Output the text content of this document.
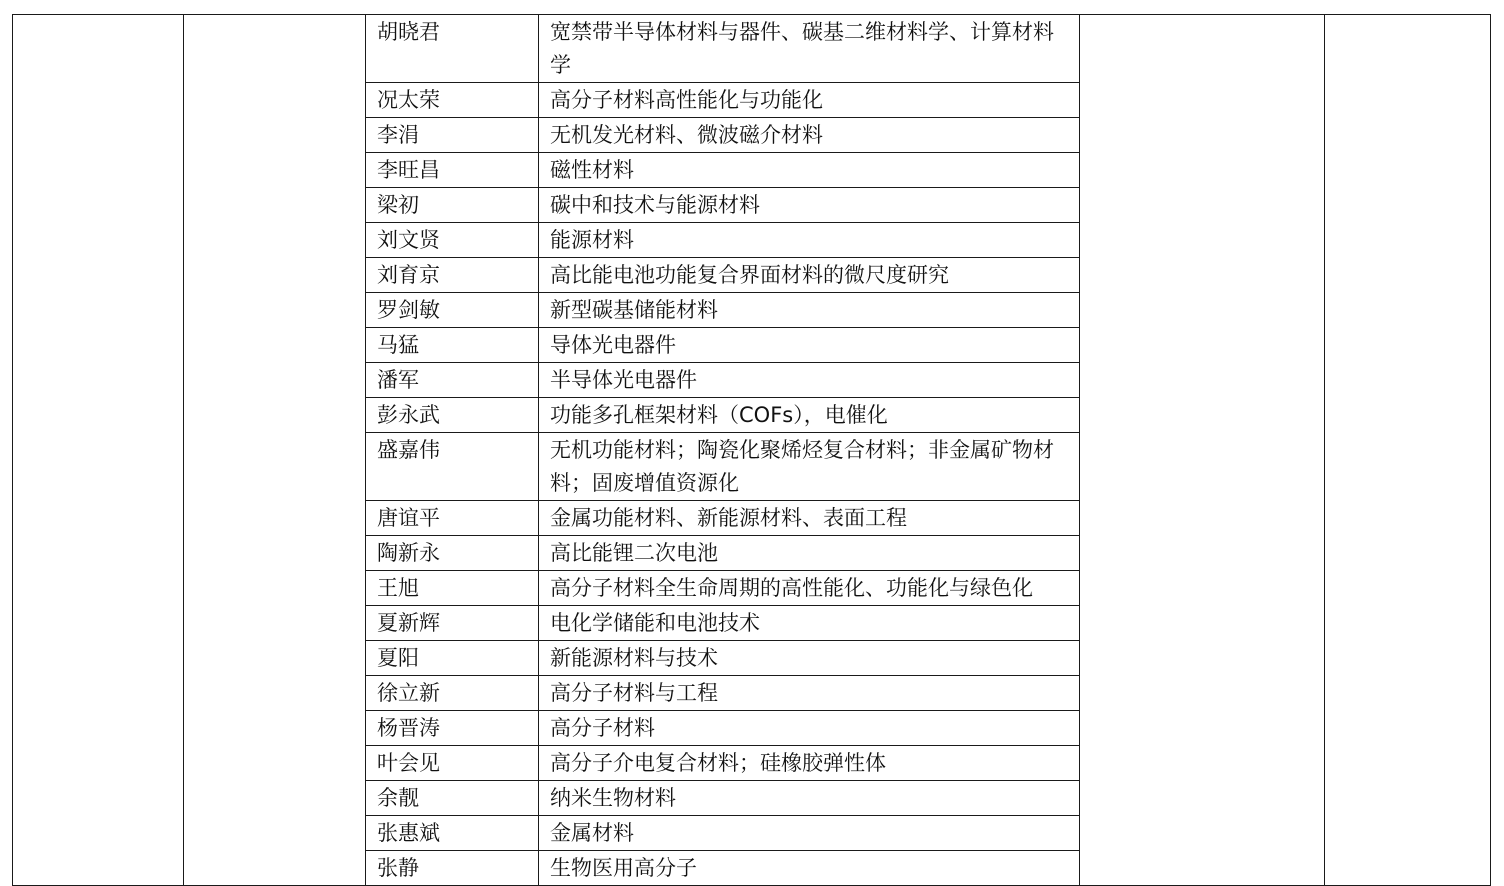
		胡晓君	宽禁带半导体材料与器件、碳基二维材料学、计算材料学		
		况太荣	高分子材料高性能化与功能化		
		李涓	无机发光材料、微波磁介材料		
		李旺昌	磁性材料		
		梁初	碳中和技术与能源材料		
		刘文贤	能源材料		
		刘育京	高比能电池功能复合界面材料的微尺度研究		
		罗剑敏	新型碳基储能材料		
		马猛	导体光电器件		
		潘军	半导体光电器件		
		彭永武	功能多孔框架材料（COFs），电催化		
		盛嘉伟	无机功能材料；陶瓷化聚烯烃复合材料；非金属矿物材料；固废增值资源化		
		唐谊平	金属功能材料、新能源材料、表面工程		
		陶新永	高比能锂二次电池		
		王旭	高分子材料全生命周期的高性能化、功能化与绿色化		
		夏新辉	电化学储能和电池技术		
		夏阳	新能源材料与技术		
		徐立新	高分子材料与工程		
		杨晋涛	高分子材料		
		叶会见	高分子介电复合材料；硅橡胶弹性体		
		余靓	纳米生物材料		
		张惠斌	金属材料		
		张静	生物医用高分子		
